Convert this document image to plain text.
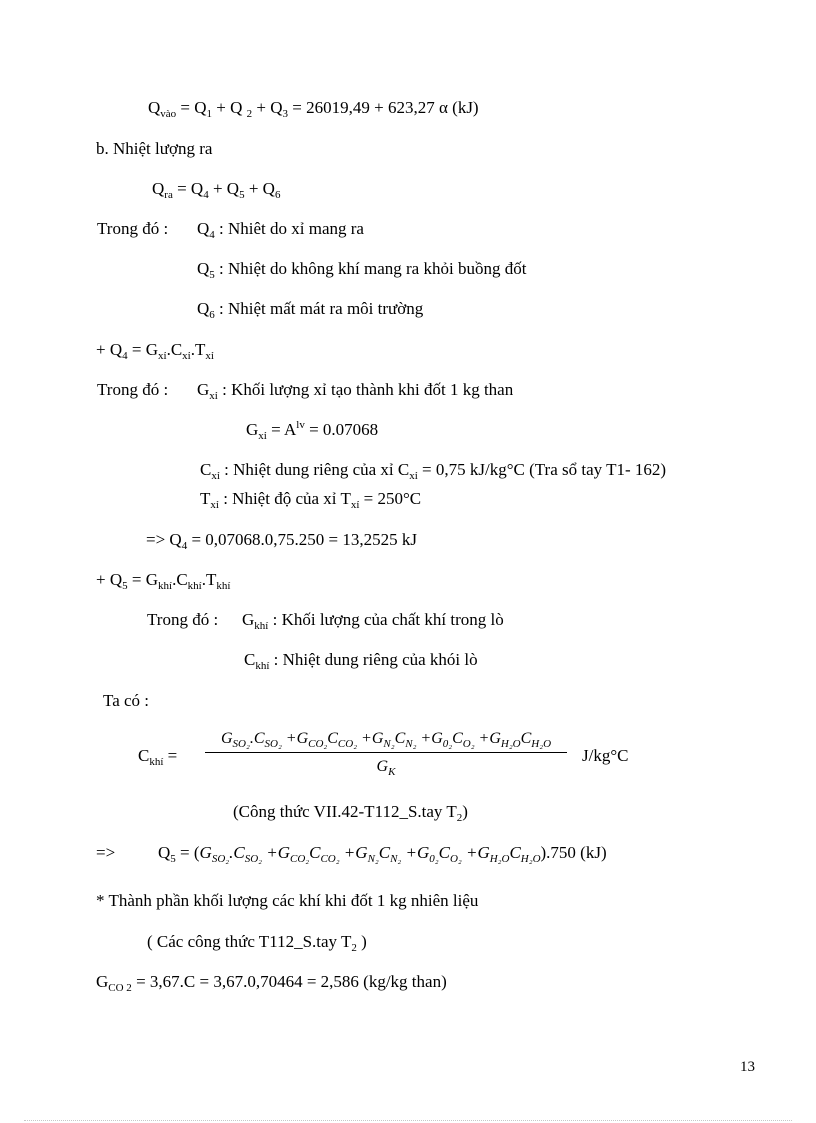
$Q_{vào} = Q_1 + Q$ $_2 + Q_3 = 26019,49 + 623,27$ α (kJ)
b. Nhiệt lượng ra
$Q_{ra} = Q_4 + Q_5 + Q_6$
Trong đó : $Q_4$ : Nhiêt do xỉ mang ra
$Q_5$ : Nhiệt do không khí mang ra khỏi buồng đốt
$Q_6$ : Nhiệt mất mát ra môi trường
+ $Q_4 = G_{xỉ}.C_{xỉ}.T_{xỉ}$
Trong đó : $G_{xỉ}$ : Khối lượng xỉ tạo thành khi đốt 1 kg than
$G_{xỉ} = A^{lv} = 0.07068$
$C_{xỉ}$ : Nhiệt dung riêng của xỉ $C_{xỉ} = 0,75$ kJ/kg°C (Tra sổ tay T1- 162)
$T_{xỉ}$ : Nhiệt độ của xỉ $T_{xỉ} = 250^\circ C$
=> $Q_4 = 0,07068.0,75.250 = 13,2525$ kJ
+ $Q_5 = G_{khí}.C_{khí}.T_{khí}$
Trong đó : $G_{khí}$ : Khối lượng của chất khí trong lò
$C_{khí}$ : Nhiệt dung riêng của khói lò
Ta có :
$C_{khí}$ =
$G_{SO_2}.C_{SO_2} +G_{CO_2}C_{CO_2} +G_{N_2}C_{N_2} +G_{0_2}C_{O_2} +G_{H_2O}C_{H_2O}$
$G_K$
J/kg°C
(Công thức VII.42-T112_S.tay $T_2$)
=>	$Q_5 = (G_{SO_2}.C_{SO_2} +G_{CO_2}C_{CO_2} +G_{N_2}C_{N_2} +G_{0_2}C_{O_2} +G_{H_2O}C_{H_2O}).750$ (kJ)
* Thành phần khối lượng các khí khi đốt 1 kg nhiên liệu
( Các công thức T112_S.tay $T_2$ )
$G_{CO 2} = 3,67.C = 3,67.0,70464 = 2,586$ (kg/kg than)
13
